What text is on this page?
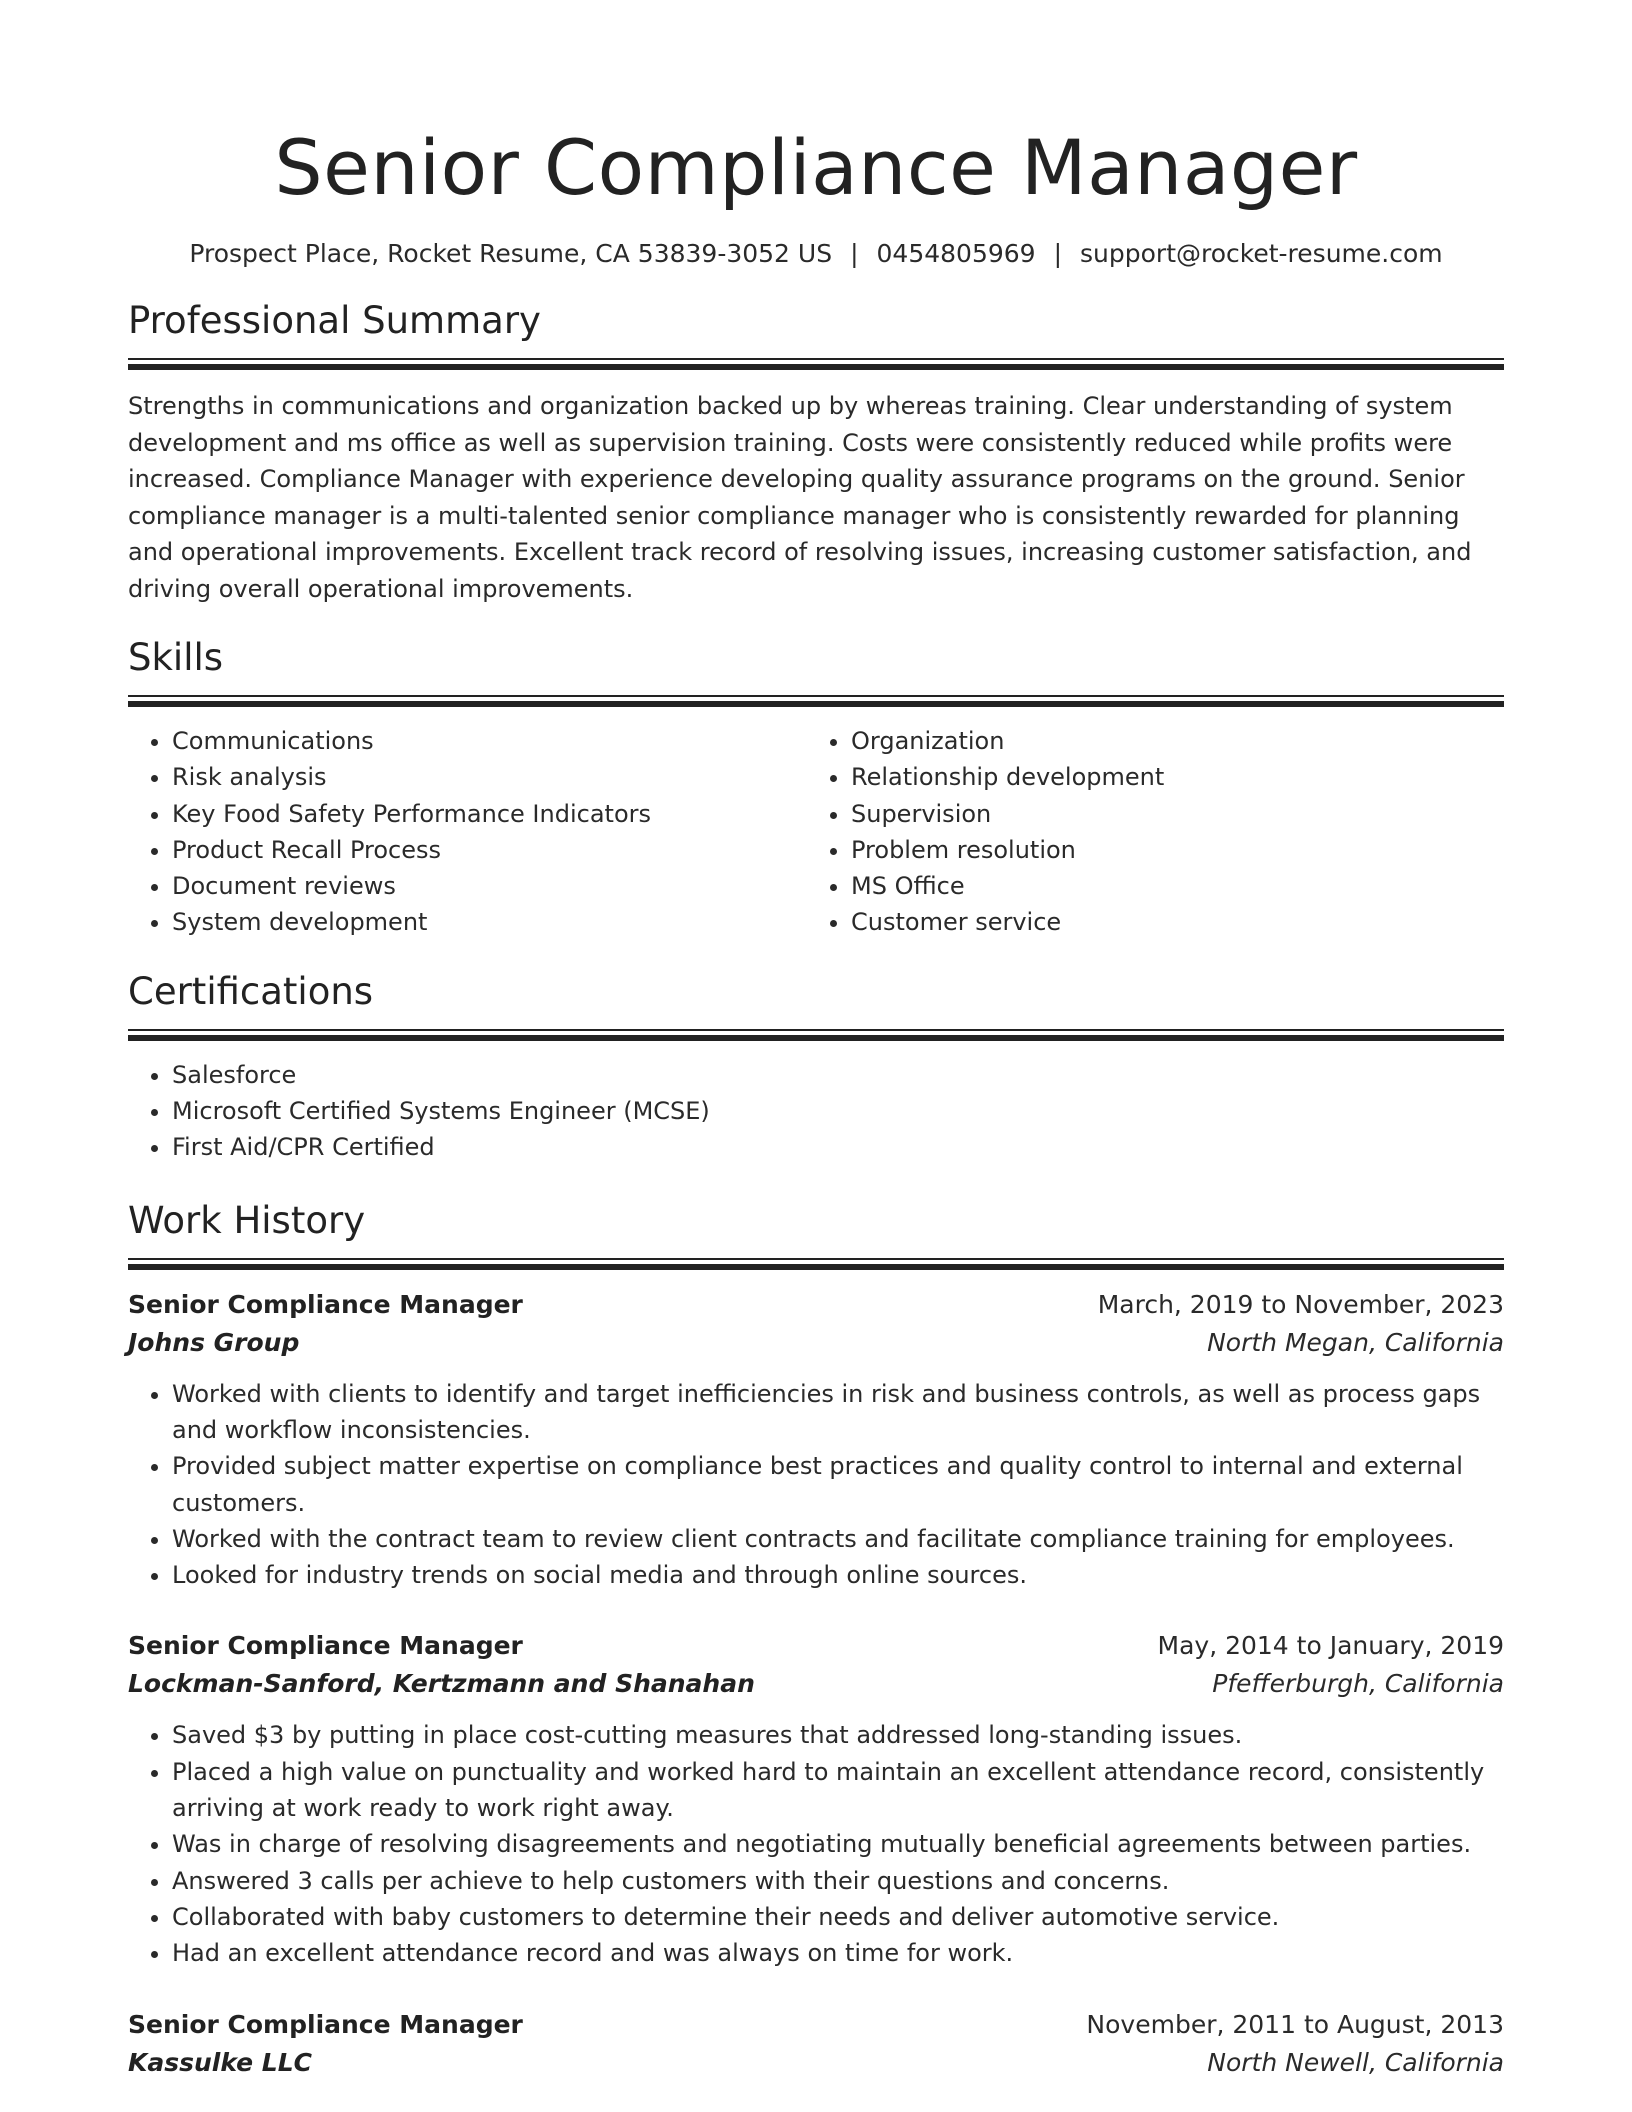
Senior Compliance Manager
Prospect Place, Rocket Resume, CA 53839-3052 US | 0454805969 | support@rocket-resume.com
Professional Summary

Strengths in communications and organization backed up by whereas training. Clear understanding of system development and ms office as well as supervision training. Costs were consistently reduced while profits were increased. Compliance Manager with experience developing quality assurance programs on the ground. Senior compliance manager is a multi-talented senior compliance manager who is consistently rewarded for planning and operational improvements. Excellent track record of resolving issues, increasing customer satisfaction, and driving overall operational improvements.

Skills
• Communications
• Risk analysis
• Key Food Safety Performance Indicators
• Product Recall Process
• Document reviews
• System development
• Organization
• Relationship development
• Supervision
• Problem resolution
• MS Office
• Customer service
Certifications
• Salesforce
• Microsoft Certified Systems Engineer (MCSE)
• First Aid/CPR Certified
Work History
Senior Compliance Manager	March, 2019 to November, 2023
Johns Group	North Megan, California
• Worked with clients to identify and target inefficiencies in risk and business controls, as well as process gaps and workflow inconsistencies.
• Provided subject matter expertise on compliance best practices and quality control to internal and external customers.
• Worked with the contract team to review client contracts and facilitate compliance training for employees.
• Looked for industry trends on social media and through online sources.
Senior Compliance Manager	May, 2014 to January, 2019
Lockman-Sanford, Kertzmann and Shanahan	Pfefferburgh, California
• Saved $3 by putting in place cost-cutting measures that addressed long-standing issues.
• Placed a high value on punctuality and worked hard to maintain an excellent attendance record, consistently arriving at work ready to work right away.
• Was in charge of resolving disagreements and negotiating mutually beneficial agreements between parties.
• Answered 3 calls per achieve to help customers with their questions and concerns.
• Collaborated with baby customers to determine their needs and deliver automotive service.
• Had an excellent attendance record and was always on time for work.
Senior Compliance Manager	November, 2011 to August, 2013
Kassulke LLC	North Newell, California
